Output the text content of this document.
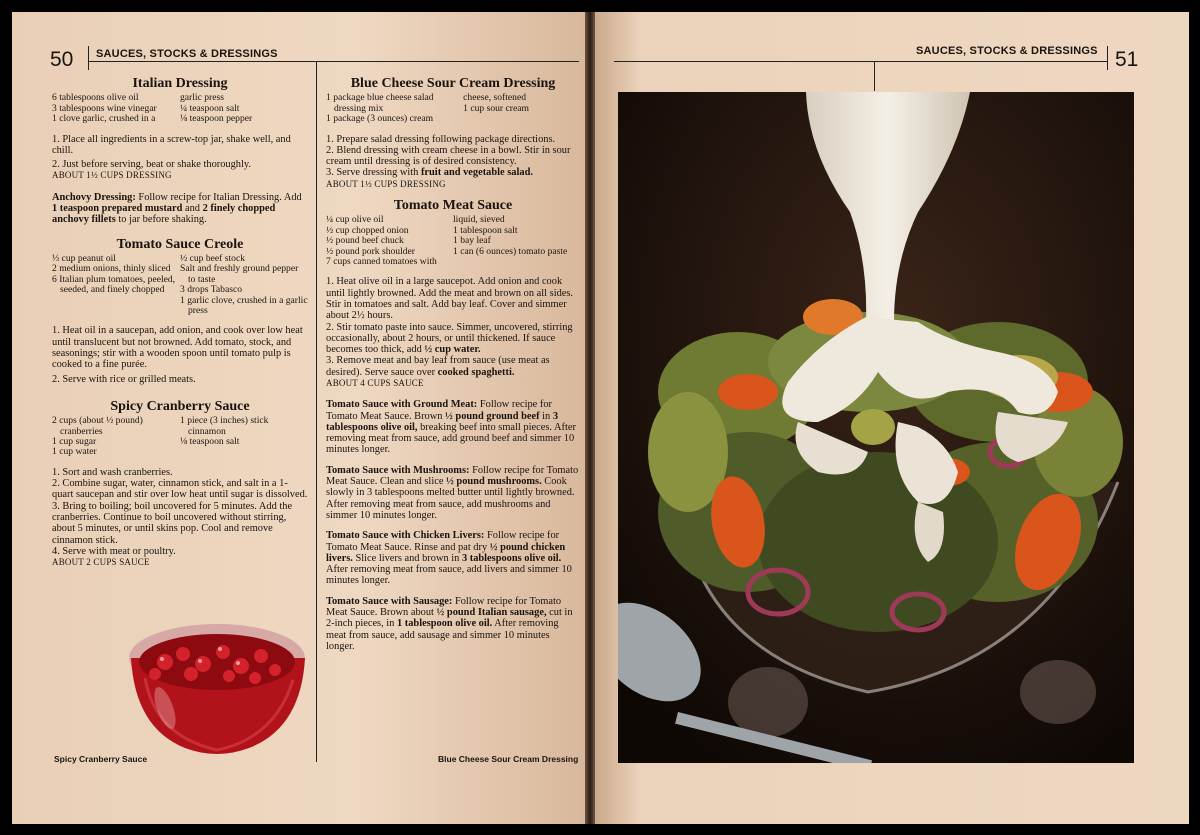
50 SAUCES, STOCKS & DRESSINGS
Italian Dressing
6 tablespoons olive oil
3 tablespoons wine vinegar
1 clove garlic, crushed in a
garlic press
¼ teaspoon salt
⅛ teaspoon pepper

1. Place all ingredients in a screw-top jar, shake well, and chill.

2. Just before serving, beat or shake thoroughly.

ABOUT 1½ CUPS DRESSING

Anchovy Dressing: Follow recipe for Italian Dressing. Add 1 teaspoon prepared mustard and 2 finely chopped anchovy fillets to jar before shaking.

Tomato Sauce Creole
⅓ cup peanut oil
2 medium onions, thinly sliced
6 Italian plum tomatoes, peeled, seeded, and finely chopped
½ cup beef stock
Salt and freshly ground pepper to taste
3 drops Tabasco
1 garlic clove, crushed in a garlic press

1. Heat oil in a saucepan, add onion, and cook over low heat until translucent but not browned. Add tomato, stock, and seasonings; stir with a wooden spoon until tomato pulp is cooked to a fine purée.

2. Serve with rice or grilled meats.

Spicy Cranberry Sauce
2 cups (about ½ pound) cranberries
1 cup sugar
1 cup water
1 piece (3 inches) stick cinnamon
⅛ teaspoon salt

1. Sort and wash cranberries.

2. Combine sugar, water, cinnamon stick, and salt in a 1-quart saucepan and stir over low heat until sugar is dissolved.

3. Bring to boiling; boil uncovered for 5 minutes. Add the cranberries. Continue to boil uncovered without stirring, about 5 minutes, or until skins pop. Cool and remove cinnamon stick.

4. Serve with meat or poultry.

ABOUT 2 CUPS SAUCE
Spicy Cranberry Sauce
Blue Cheese Sour Cream Dressing
1 package blue cheese salad dressing mix
1 package (3 ounces) cream
cheese, softened
1 cup sour cream

1. Prepare salad dressing following package directions.

2. Blend dressing with cream cheese in a bowl. Stir in sour cream until dressing is of desired consistency.

3. Serve dressing with fruit and vegetable salad.

ABOUT 1½ CUPS DRESSING
Tomato Meat Sauce
¼ cup olive oil
½ cup chopped onion
½ pound beef chuck
½ pound pork shoulder
7 cups canned tomatoes with
liquid, sieved
1 tablespoon salt
1 bay leaf
1 can (6 ounces) tomato paste

1. Heat olive oil in a large saucepot. Add onion and cook until lightly browned. Add the meat and brown on all sides. Stir in tomatoes and salt. Add bay leaf. Cover and simmer about 2½ hours.

2. Stir tomato paste into sauce. Simmer, uncovered, stirring occasionally, about 2 hours, or until thickened. If sauce becomes too thick, add ½ cup water.

3. Remove meat and bay leaf from sauce (use meat as desired). Serve sauce over cooked spaghetti.

ABOUT 4 CUPS SAUCE

Tomato Sauce with Ground Meat: Follow recipe for Tomato Meat Sauce. Brown ½ pound ground beef in 3 tablespoons olive oil, breaking beef into small pieces. After removing meat from sauce, add ground beef and simmer 10 minutes longer.

Tomato Sauce with Mushrooms: Follow recipe for Tomato Meat Sauce. Clean and slice ½ pound mushrooms. Cook slowly in 3 tablespoons melted butter until lightly browned. After removing meat from sauce, add mushrooms and simmer 10 minutes longer.

Tomato Sauce with Chicken Livers: Follow recipe for Tomato Meat Sauce. Rinse and pat dry ½ pound chicken livers. Slice livers and brown in 3 tablespoons olive oil. After removing meat from sauce, add livers and simmer 10 minutes longer.

Tomato Sauce with Sausage: Follow recipe for Tomato Meat Sauce. Brown about ½ pound Italian sausage, cut in 2-inch pieces, in 1 tablespoon olive oil. After removing meat from sauce, add sausage and simmer 10 minutes longer.

Blue Cheese Sour Cream Dressing
SAUCES, STOCKS & DRESSINGS 51
